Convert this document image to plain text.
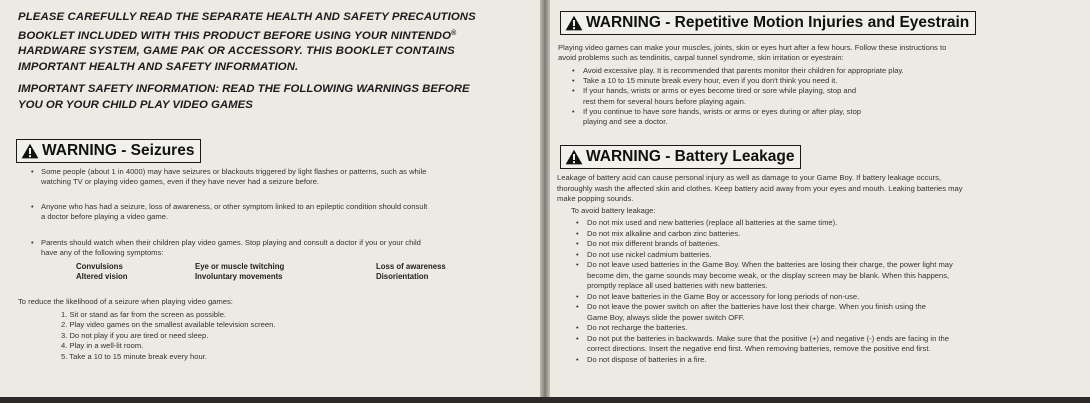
PLEASE CAREFULLY READ THE SEPARATE HEALTH AND SAFETY PRECAUTIONS
BOOKLET INCLUDED WITH THIS PRODUCT BEFORE USING YOUR NINTENDO®
HARDWARE SYSTEM, GAME PAK OR ACCESSORY. THIS BOOKLET CONTAINS
IMPORTANT HEALTH AND SAFETY INFORMATION.
IMPORTANT SAFETY INFORMATION: READ THE FOLLOWING WARNINGS BEFORE
YOU OR YOUR CHILD PLAY VIDEO GAMES
WARNING - Seizures
• Some people (about 1 in 4000) may have seizures or blackouts triggered by light flashes or patterns, such as while
watching TV or playing video games, even if they have never had a seizure before.
• Anyone who has had a seizure, loss of awareness, or other symptom linked to an epileptic condition should consult
a doctor before playing a video game.
• Parents should watch when their children play video games. Stop playing and consult a doctor if you or your child
have any of the following symptoms:
Convulsions
Altered vision
Eye or muscle twitching
Involuntary movements
Loss of awareness
Disorientation
To reduce the likelihood of a seizure when playing video games:
1. Sit or stand as far from the screen as possible.
2. Play video games on the smallest available television screen.
3. Do not play if you are tired or need sleep.
4. Play in a well-lit room.
5. Take a 10 to 15 minute break every hour.
WARNING - Repetitive Motion Injuries and Eyestrain
Playing video games can make your muscles, joints, skin or eyes hurt after a few hours. Follow these instructions to
avoid problems such as tendinitis, carpal tunnel syndrome, skin irritation or eyestrain:
• Avoid excessive play. It is recommended that parents monitor their children for appropriate play.
• Take a 10 to 15 minute break every hour, even if you don't think you need it.
• If your hands, wrists or arms or eyes become tired or sore while playing, stop and
rest them for several hours before playing again.
• If you continue to have sore hands, wrists or arms or eyes during or after play, stop
playing and see a doctor.
WARNING - Battery Leakage
Leakage of battery acid can cause personal injury as well as damage to your Game Boy. If battery leakage occurs,
thoroughly wash the affected skin and clothes. Keep battery acid away from your eyes and mouth. Leaking batteries may
make popping sounds.
To avoid battery leakage:
• Do not mix used and new batteries (replace all batteries at the same time).
• Do not mix alkaline and carbon zinc batteries.
• Do not mix different brands of batteries.
• Do not use nickel cadmium batteries.
• Do not leave used batteries in the Game Boy. When the batteries are losing their charge, the power light may
become dim, the game sounds may become weak, or the display screen may be blank. When this happens,
promptly replace all used batteries with new batteries.
• Do not leave batteries in the Game Boy or accessory for long periods of non-use.
• Do not leave the power switch on after the batteries have lost their charge. When you finish using the
Game Boy, always slide the power switch OFF.
• Do not recharge the batteries.
• Do not put the batteries in backwards. Make sure that the positive (+) and negative (-) ends are facing in the
correct directions. Insert the negative end first. When removing batteries, remove the positive end first.
• Do not dispose of batteries in a fire.
